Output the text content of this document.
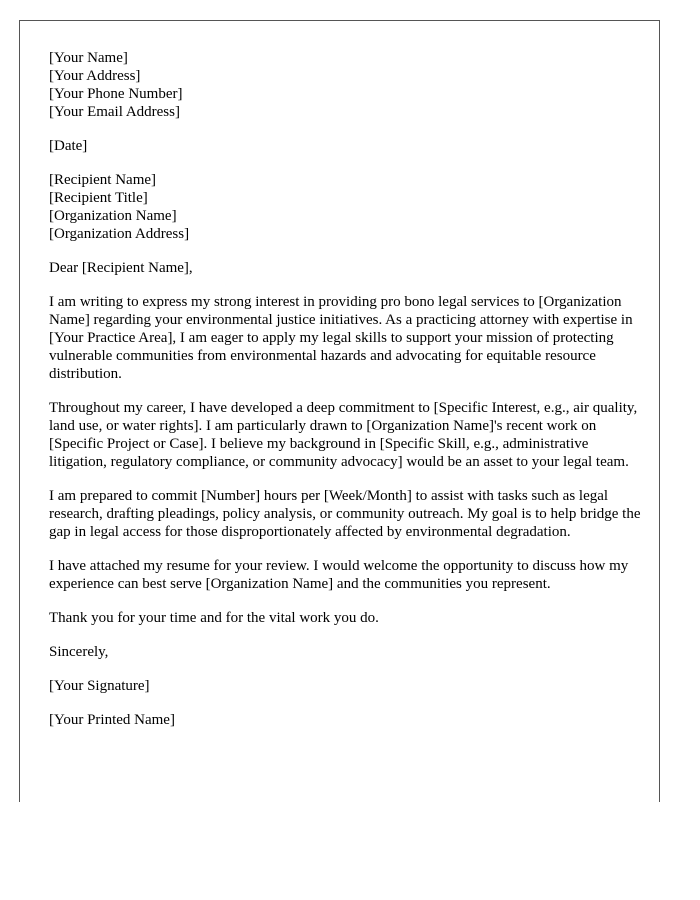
[Your Name]
[Your Address]
[Your Phone Number]
[Your Email Address]
[Date]
[Recipient Name]
[Recipient Title]
[Organization Name]
[Organization Address]

Dear [Recipient Name],

I am writing to express my strong interest in providing pro bono legal services to [Organization Name] regarding your environmental justice initiatives. As a practicing attorney with expertise in [Your Practice Area], I am eager to apply my legal skills to support your mission of protecting vulnerable communities from environmental hazards and advocating for equitable resource distribution.

Throughout my career, I have developed a deep commitment to [Specific Interest, e.g., air quality, land use, or water rights]. I am particularly drawn to [Organization Name]'s recent work on [Specific Project or Case]. I believe my background in [Specific Skill, e.g., administrative litigation, regulatory compliance, or community advocacy] would be an asset to your legal team.

I am prepared to commit [Number] hours per [Week/Month] to assist with tasks such as legal research, drafting pleadings, policy analysis, or community outreach. My goal is to help bridge the gap in legal access for those disproportionately affected by environmental degradation.

I have attached my resume for your review. I would welcome the opportunity to discuss how my experience can best serve [Organization Name] and the communities you represent.

Thank you for your time and for the vital work you do.

Sincerely,

[Your Signature]

[Your Printed Name]
